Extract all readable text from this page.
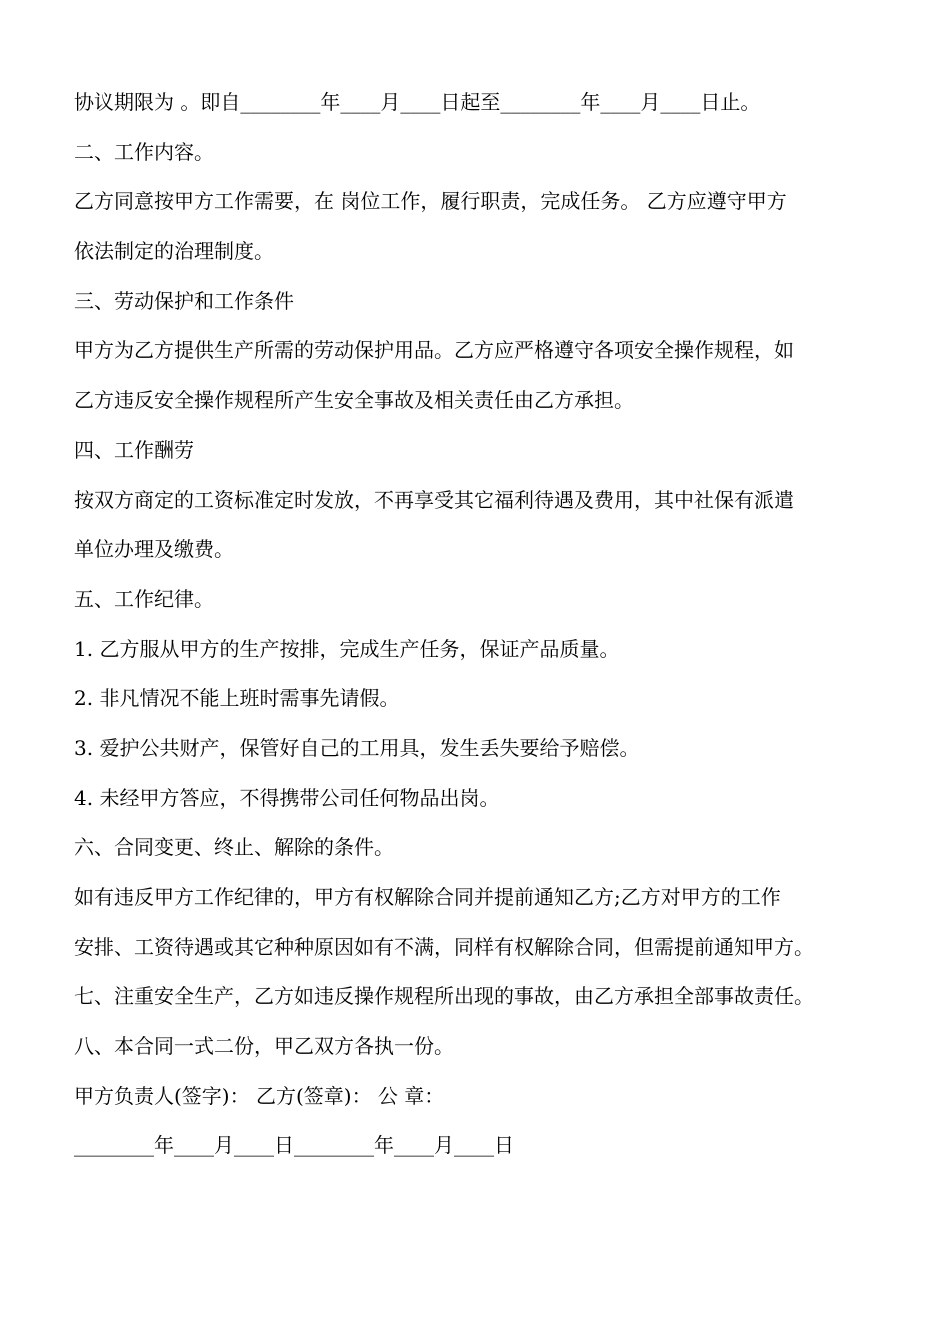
协议期限为 。即自________年____月____日起至________年____月____日止。
二、工作内容。
乙方同意按甲方工作需要，在 岗位工作，履行职责，完成任务。 乙方应遵守甲方
依法制定的治理制度。
三、劳动保护和工作条件
甲方为乙方提供生产所需的劳动保护用品。乙方应严格遵守各项安全操作规程，如
乙方违反安全操作规程所产生安全事故及相关责任由乙方承担。
四、工作酬劳
按双方商定的工资标准定时发放，不再享受其它福利待遇及费用，其中社保有派遣
单位办理及缴费。
五、工作纪律。
1. 乙方服从甲方的生产按排，完成生产任务，保证产品质量。
2. 非凡情况不能上班时需事先请假。
3. 爱护公共财产，保管好自己的工用具，发生丢失要给予赔偿。
4. 未经甲方答应，不得携带公司任何物品出岗。
六、合同变更、终止、解除的条件。
如有违反甲方工作纪律的，甲方有权解除合同并提前通知乙方;乙方对甲方的工作
安排、工资待遇或其它种种原因如有不满，同样有权解除合同，但需提前通知甲方。
七、注重安全生产，乙方如违反操作规程所出现的事故，由乙方承担全部事故责任。
八、本合同一式二份，甲乙双方各执一份。
甲方负责人(签字)： 乙方(签章)： 公 章：
________年____月____日________年____月____日
